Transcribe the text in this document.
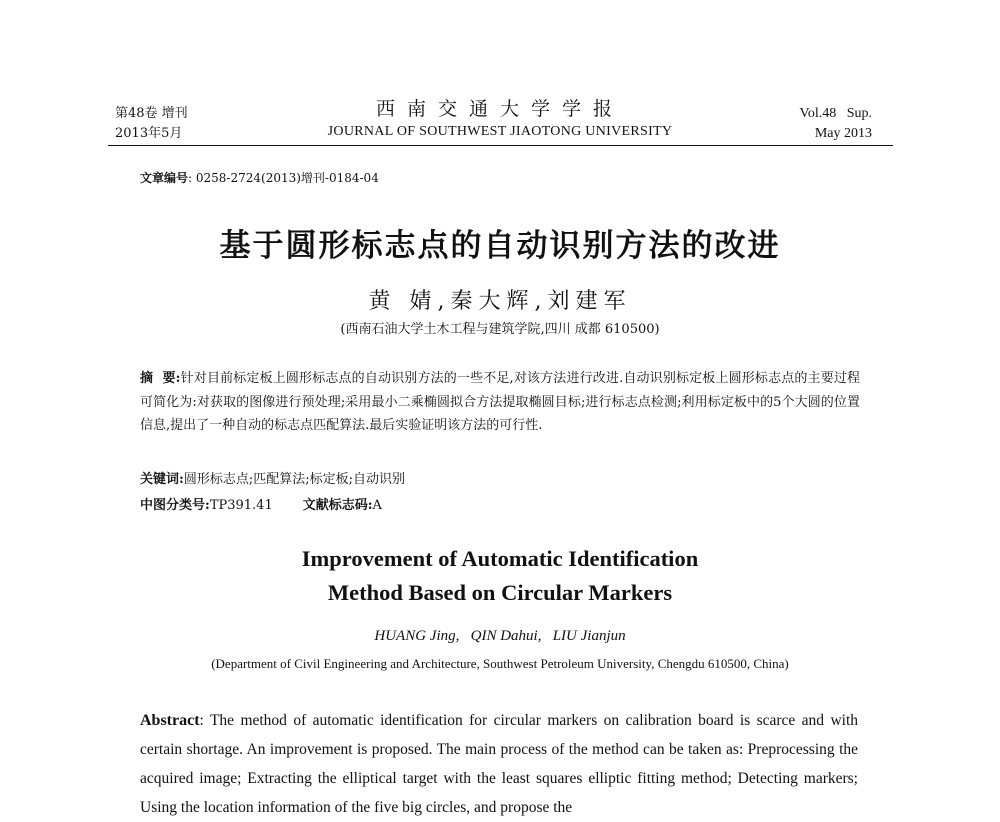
第48卷 增刊
2013年5月
西南交通大学学报
JOURNAL OF SOUTHWEST JIAOTONG UNIVERSITY
Vol.48   Sup.
May 2013
文章编号: 0258-2724(2013)增刊-0184-04
基于圆形标志点的自动识别方法的改进
黄 婧,秦大辉,刘建军
(西南石油大学土木工程与建筑学院,四川 成都 610500)
摘  要:针对目前标定板上圆形标志点的自动识别方法的一些不足,对该方法进行改进.自动识别标定板上圆形标志点的主要过程可简化为:对获取的图像进行预处理;采用最小二乘椭圆拟合方法提取椭圆目标;进行标志点检测;利用标定板中的5个大圆的位置信息,提出了一种自动的标志点匹配算法.最后实验证明该方法的可行性.
关键词:圆形标志点;匹配算法;标定板;自动识别
中图分类号:TP391.41 文献标志码:A
Improvement of Automatic Identification
Method Based on Circular Markers
HUANG Jing,   QIN Dahui,   LIU Jianjun
(Department of Civil Engineering and Architecture, Southwest Petroleum University, Chengdu 610500, China)
Abstract: The method of automatic identification for circular markers on calibration board is scarce and with certain shortage. An improvement is proposed. The main process of the method can be taken as: Preprocessing the acquired image; Extracting the elliptical target with the least squares elliptic fitting method; Detecting markers; Using the location information of the five big circles, and propose the
